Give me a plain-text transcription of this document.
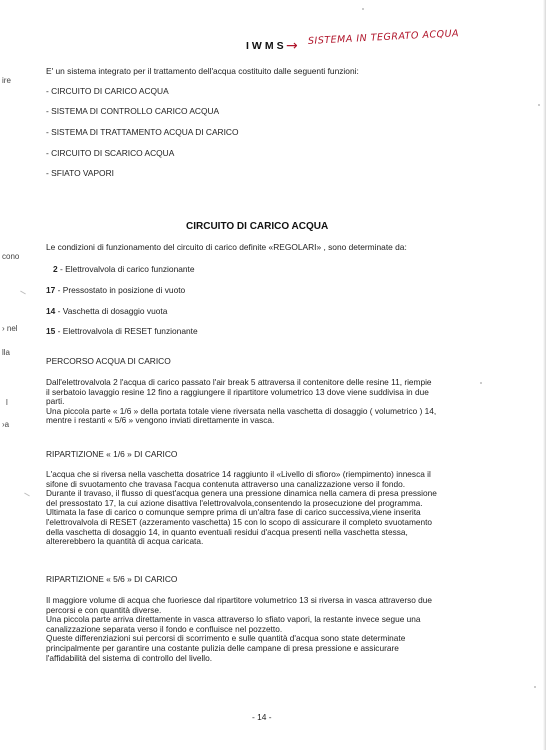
IWMS → SISTEMA IN TEGRATO ACQUA
ire
cono
› nel
lla
l
›a
E' un sistema integrato per il trattamento dell'acqua costituito dalle seguenti funzioni:
- CIRCUITO DI CARICO ACQUA
- SISTEMA DI CONTROLLO CARICO ACQUA
- SISTEMA DI TRATTAMENTO ACQUA DI CARICO
- CIRCUITO DI SCARICO ACQUA
- SFIATO VAPORI
CIRCUITO DI CARICO ACQUA
Le condizioni di funzionamento del circuito di carico definite «REGOLARI» , sono determinate da:
2 - Elettrovalvola di carico funzionante
17 - Pressostato in posizione di vuoto
14 - Vaschetta di dosaggio vuota
15 - Elettrovalvola di RESET funzionante
PERCORSO ACQUA DI CARICO
Dall'elettrovalvola 2 l'acqua di carico passato l'air break 5 attraversa il contenitore delle resine 11, riempie
il serbatoio lavaggio resine 12 fino a raggiungere il ripartitore volumetrico 13 dove viene suddivisa in due
parti.
Una piccola parte « 1/6 » della portata totale viene riversata nella vaschetta di dosaggio ( volumetrico ) 14,
mentre i restanti « 5/6 » vengono inviati direttamente in vasca.
RIPARTIZIONE « 1/6 » DI CARICO
L'acqua che si riversa nella vaschetta dosatrice 14 raggiunto il «Livello di sfioro» (riempimento) innesca il
sifone di svuotamento che travasa l'acqua contenuta attraverso una canalizzazione verso il fondo.
Durante il travaso, il flusso di quest'acqua genera una pressione dinamica nella camera di presa pressione
del pressostato 17, la cui azione disattiva l'elettrovalvola,consentendo la prosecuzione del programma.
Ultimata la fase di carico o comunque sempre prima di un'altra fase di carico successiva,viene inserita
l'elettrovalvola di RESET (azzeramento vaschetta) 15 con lo scopo di assicurare il completo svuotamento
della vaschetta di dosaggio 14, in quanto eventuali residui d'acqua presenti nella vaschetta stessa,
altererebbero la quantità di acqua caricata.
RIPARTIZIONE « 5/6 » DI CARICO
Il maggiore volume di acqua che fuoriesce dal ripartitore volumetrico 13 si riversa in vasca attraverso due
percorsi e con quantità diverse.
Una piccola parte arriva direttamente in vasca attraverso lo sfiato vapori, la restante invece segue una
canalizzazione separata verso il fondo e confluisce nel pozzetto.
Queste differenziazioni sui percorsi di scorrimento e sulle quantità d'acqua sono state determinate
principalmente per garantire una costante pulizia delle campane di presa pressione e assicurare
l'affidabilità del sistema di controllo del livello.
- 14 -
